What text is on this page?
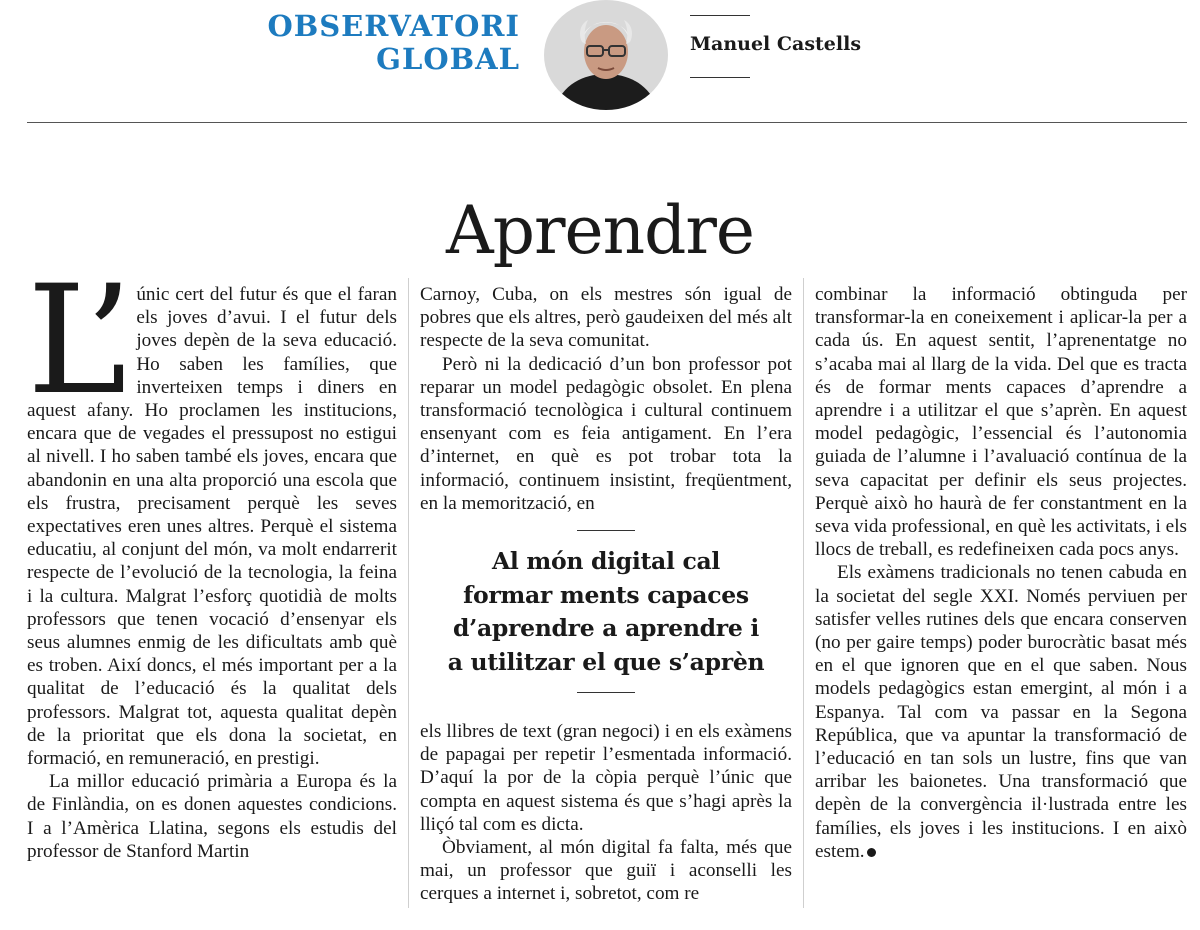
OBSERVATORI
GLOBAL	Manuel Castells
Aprendre

L’ únic cert del futur és que el faran els joves d’avui. I el futur dels joves depèn de la seva educació. Ho saben les famílies, que inverteixen temps i diners en aquest afany. Ho proclamen les institucions, encara que de vegades el pressupost no estigui al nivell. I ho saben també els joves, encara que abandonin en una alta proporció una escola que els frustra, precisament perquè les seves expectatives eren unes altres. Perquè el sistema educatiu, al conjunt del món, va molt endarrerit respecte de l’evolució de la tecnologia, la feina i la cultura. Malgrat l’esforç quotidià de molts professors que tenen vocació d’ensenyar els seus alumnes enmig de les dificultats amb què es troben. Així doncs, el més important per a la qualitat de l’educació és la qualitat dels professors. Malgrat tot, aquesta qualitat depèn de la prioritat que els dona la societat, en formació, en remuneració, en prestigi.

La millor educació primària a Europa és la de Finlàndia, on es donen aquestes condicions. I a l’Amèrica Llatina, segons els estudis del professor de Stanford Martin

Carnoy, Cuba, on els mestres són igual de pobres que els altres, però gaudeixen del més alt respecte de la seva comunitat.

Però ni la dedicació d’un bon professor pot reparar un model pedagògic obsolet. En plena transformació tecnològica i cultural continuem ensenyant com es feia antigament. En l’era d’internet, en què es pot trobar tota la informació, continuem insistint, freqüentment, en la memorització, en

Al món digital cal
formar ments capaces
d’aprendre a aprendre i
a utilitzar el que s’aprèn

els llibres de text (gran negoci) i en els exàmens de papagai per repetir l’esmentada informació. D’aquí la por de la còpia perquè l’únic que compta en aquest sistema és que s’hagi après la lliçó tal com es dicta.

Òbviament, al món digital fa falta, més que mai, un professor que guiï i aconselli les cerques a internet i, sobretot, com re

combinar la informació obtinguda per transformar-la en coneixement i aplicar-la per a cada ús. En aquest sentit, l’aprenentatge no s’acaba mai al llarg de la vida. Del que es tracta és de formar ments capaces d’aprendre a aprendre i a utilitzar el que s’aprèn. En aquest model pedagògic, l’essencial és l’autonomia guiada de l’alumne i l’avaluació contínua de la seva capacitat per definir els seus projectes. Perquè això ho haurà de fer constantment en la seva vida professional, en què les activitats, i els llocs de treball, es redefineixen cada pocs anys.

Els exàmens tradicionals no tenen cabuda en la societat del segle XXI. Només perviuen per satisfer velles rutines dels que encara conserven (no per gaire temps) poder burocràtic basat més en el que ignoren que en el que saben. Nous models pedagògics estan emergint, al món i a Espanya. Tal com va passar en la Segona República, que va apuntar la transformació de l’educació en tan sols un lustre, fins que van arribar les baionetes. Una transformació que depèn de la convergència il·lustrada entre les famílies, els joves i les institucions. I en això estem.
